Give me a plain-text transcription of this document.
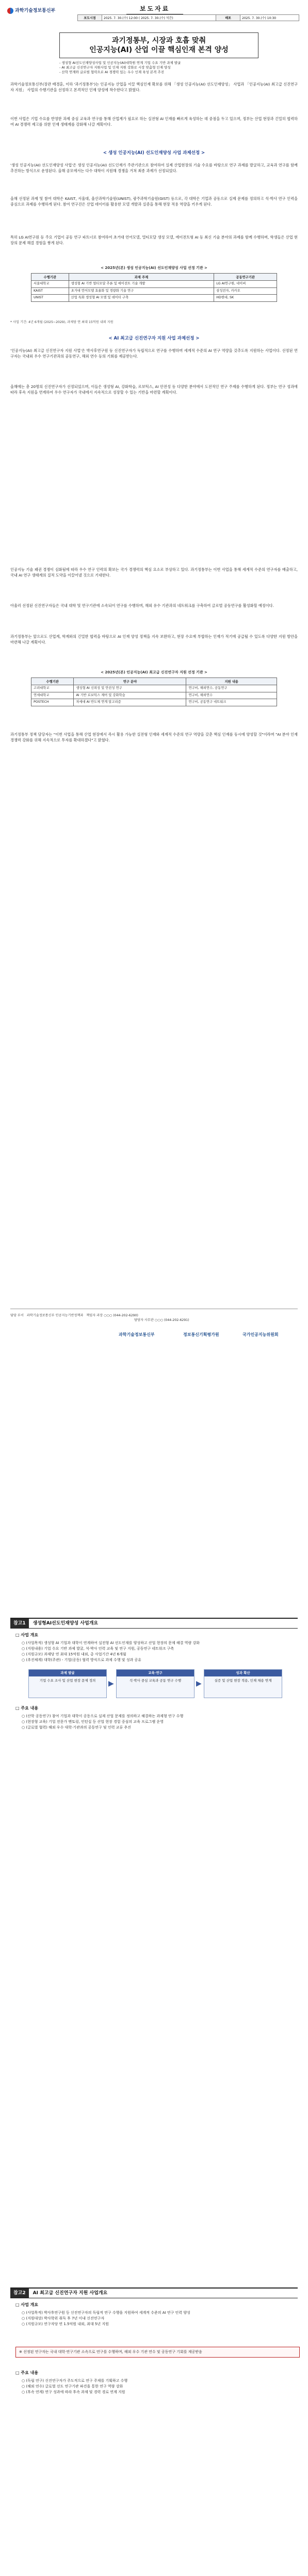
과학기술정보통신부	보도자료
보도시점	2025. 7. 30.(수) 12:00 ( 2025. 7. 30.(수) 석간)	배포	2025. 7. 30.(수) 10:30
과기정통부, 시장과 호흡 맞춰
인공지능(AI) 산업 이끌 핵심인재 본격 양성
- 생성형 AI선도인재양성사업 및 인공지능(AI)대학원 연계 기업 수요 기반 과제 발굴
- AI 최고급 신진연구자 지원사업 및 인재 지원 강화로 시장 맞춤형 인재 양성
- 산학 연계와 글로벌 협력으로 AI 경쟁력 있는 우수 인재 육성 본격 추진
과학기술정보통신부(장관 배경훈, 이하 '과기정통부')는 인공지능 산업을 이끌 핵심인재 확보를 위해 「생성 인공지능(AI) 선도인재양성」 사업과 「인공지능(AI) 최고급 신진연구자 지원」 사업의 수행기관을 선정하고 본격적인 인재 양성에 착수한다고 밝혔다.
이번 사업은 기업 수요를 반영한 과제 중심 교육과 연구를 통해 산업계가 필요로 하는 실전형 AI 인재를 빠르게 육성하는 데 중점을 두고 있으며, 정부는 산업 현장과 긴밀히 협력하여 AI 경쟁력 제고를 위한 인재 생태계를 강화해 나갈 계획이다.
< 생성 인공지능(AI) 선도인재양성 사업 과제선정 >
'생성 인공지능(AI) 선도인재양성 사업'은 생성 인공지능(AI) 선도인재가 주관기관으로 참여하여 실제 산업현장의 기술 수요를 바탕으로 연구 과제를 발굴하고, 교육과 연구를 함께 추진하는 방식으로 운영된다. 올해 공모에서는 다수 대학이 지원해 경쟁을 거쳐 최종 과제가 선정되었다.
올해 선정된 과제 및 참여 대학은 KAIST, 서울대, 울산과학기술원(UNIST), 광주과학기술원(GIST) 등으로, 각 대학은 기업과 공동으로 실제 문제를 정의하고 석·박사 연구 인력을 중심으로 과제를 수행하게 된다. 참여 연구진은 산업 데이터를 활용한 모델 개발과 실증을 통해 현장 적용 역량을 키우게 된다.
특히 LG AI연구원 등 주요 기업이 공동 연구 파트너로 참여하여 초거대 언어모델, 멀티모달 생성 모델, 에이전트형 AI 등 최신 기술 분야의 과제를 함께 수행하며, 학생들은 산업 현장의 문제 해결 경험을 쌓게 된다.
< 2025년(본) 생성 인공지능(AI) 선도인재양성 사업 선정 기관 >
수행기관	과제 주제	공동연구기관
서울대학교	생성형 AI 기반 멀티모달 추론 및 에이전트 기술 개발	LG AI연구원, 네이버
KAIST	초거대 언어모델 효율화 및 경량화 기술 연구	삼성전자, 카카오
UNIST	산업 특화 생성형 AI 모델 및 데이터 구축	HD현대, SK
* 사업 기간: 4년 6개월 (2025~2029), 과제당 연 최대 15억원 내외 지원
< AI 최고급 신진연구자 지원 사업 과제선정 >
'인공지능(AI) 최고급 신진연구자 지원 사업'은 박사후연구원 등 신진연구자가 독립적으로 연구를 수행하며 세계적 수준의 AI 연구 역량을 갖추도록 지원하는 사업이다. 선정된 연구자는 국내외 우수 연구기관과의 공동연구, 해외 연수 등의 기회를 제공받는다.
올해에는 총 20명의 신진연구자가 선정되었으며, 이들은 생성형 AI, 강화학습, 로보틱스, AI 안전성 등 다양한 분야에서 도전적인 연구 주제를 수행하게 된다. 정부는 연구 성과에 따라 후속 지원을 연계하여 우수 연구자가 국내에서 지속적으로 성장할 수 있는 기반을 마련할 계획이다.
인공지능 기술 패권 경쟁이 심화됨에 따라 우수 연구 인력의 확보는 국가 경쟁력의 핵심 요소로 부상하고 있다. 과기정통부는 이번 사업을 통해 세계적 수준의 연구자를 배출하고, 국내 AI 연구 생태계의 질적 도약을 이끌어낼 것으로 기대한다.
아울러 선정된 신진연구자들은 국내 대학 및 연구기관에 소속되어 연구를 수행하며, 해외 유수 기관과의 네트워크를 구축하여 글로벌 공동연구를 활성화할 예정이다.
과기정통부는 앞으로도 산업계, 학계와의 긴밀한 협력을 바탕으로 AI 인재 양성 정책을 지속 보완하고, 현장 수요에 부합하는 인재가 적기에 공급될 수 있도록 다양한 지원 방안을 마련해 나갈 계획이다.
< 2025년(본) 인공지능(AI) 최고급 신진연구자 지원 선정 기관 >
수행기관	연구 분야	지원 내용
고려대학교	생성형 AI 신뢰성 및 안전성 연구	연구비, 해외연수, 공동연구
연세대학교	AI 기반 로보틱스 제어 및 강화학습	연구비, 해외연수
POSTECH	차세대 AI 반도체 연계 알고리즘	연구비, 공동연구 네트워크
과기정통부 정책 담당자는 "이번 사업을 통해 산업 현장에서 즉시 활용 가능한 실전형 인재와 세계적 수준의 연구 역량을 갖춘 핵심 인재를 동시에 양성할 것"이라며 "AI 분야 인재 경쟁력 강화를 위해 지속적으로 투자를 확대하겠다"고 밝혔다.
담당 부서 과학기술정보통신부 인공지능기반정책과 책임자 과장 ○○○ (044-202-6290)
담당자 사무관 ○○○ (044-202-6291)
과학기술정보통신부	정보통신기획평가원	국가인공지능위원회
참고1 생성형AI선도인재양성 사업개요
□ 사업 개요
○ (사업목적) 생성형 AI 기업과 대학이 연계하여 실전형 AI 선도인재를 양성하고 산업 현장의 문제 해결 역량 강화
○ (지원내용) 기업 수요 기반 과제 발굴, 석·박사 인력 교육 및 연구 지원, 공동연구 네트워크 구축
○ (지원규모) 과제당 연 최대 15억원 내외, 총 사업기간 4년 6개월
○ (추진체계) 대학(주관) - 기업(공동) 협력 방식으로 과제 수행 및 성과 공유
과제 발굴
기업 수요 조사 및 산업 현장 문제 정의	▶
교육·연구
석·박사 중심 교육과 공동 연구 수행	▶
성과 확산
실증 및 산업 현장 적용, 인재 채용 연계
□ 주요 내용
○ (산학 공동연구) 참여 기업과 대학이 공동으로 실제 산업 문제를 정의하고 해결하는 과제형 연구 수행
○ (현장형 교육) 기업 전문가 멘토링, 인턴십 등 산업 현장 경험 중심의 교육 프로그램 운영
○ (글로벌 협력) 해외 우수 대학·기관과의 공동연구 및 인력 교류 추진
참고2 AI 최고급 신진연구자 지원 사업개요
□ 사업 개요
○ (사업목적) 박사후연구원 등 신진연구자의 독립적 연구 수행을 지원하여 세계적 수준의 AI 연구 인력 양성
○ (지원대상) 박사학위 취득 후 7년 이내 신진연구자
○ (지원규모) 연구자당 연 1.5억원 내외, 최대 5년 지원
※ 선정된 연구자는 국내 대학·연구기관 소속으로 연구를 수행하며, 해외 우수 기관 연수 및 공동연구 기회를 제공받음
□ 주요 내용
○ (독립 연구) 신진연구자가 주도적으로 연구 주제를 기획하고 수행
○ (해외 연수) 글로벌 선도 연구기관 파견을 통한 연구 역량 강화
○ (후속 연계) 연구 성과에 따라 후속 과제 및 경력 경로 연계 지원
